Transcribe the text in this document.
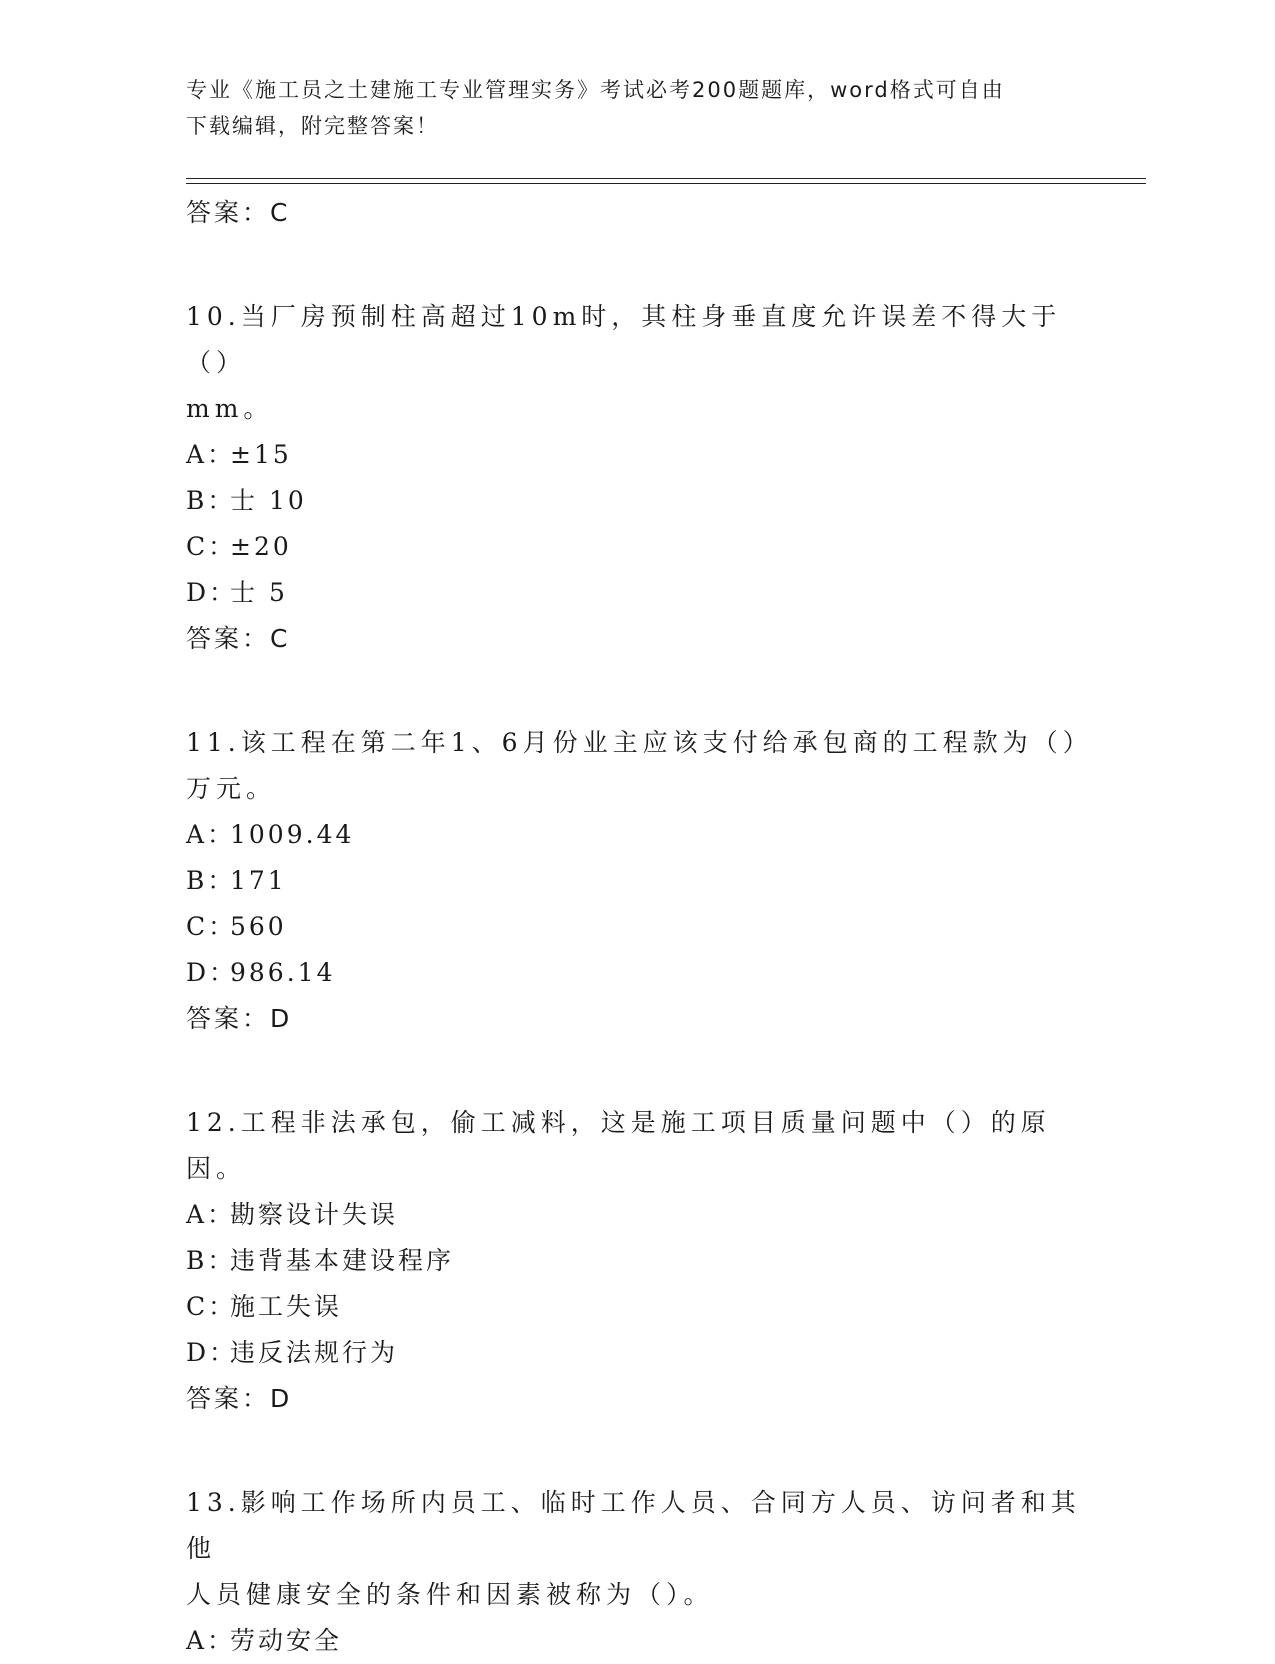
专业《施工员之土建施工专业管理实务》考试必考200题题库，word格式可自由
下载编辑，附完整答案！
答案：C
10.当厂房预制柱高超过10m时，其柱身垂直度允许误差不得大于（）
mm。
A：±15
B：士 10
C：±20
D：士 5
答案：C
11.该工程在第二年1、6月份业主应该支付给承包商的工程款为（）
万元。
A：1009.44
B：171
C：560
D：986.14
答案：D
12.工程非法承包，偷工减料，这是施工项目质量问题中（）的原因。
A：勘察设计失误
B：违背基本建设程序
C：施工失误
D：违反法规行为
答案：D
13.影响工作场所内员工、临时工作人员、合同方人员、访问者和其他
人员健康安全的条件和因素被称为（）。
A：劳动安全
